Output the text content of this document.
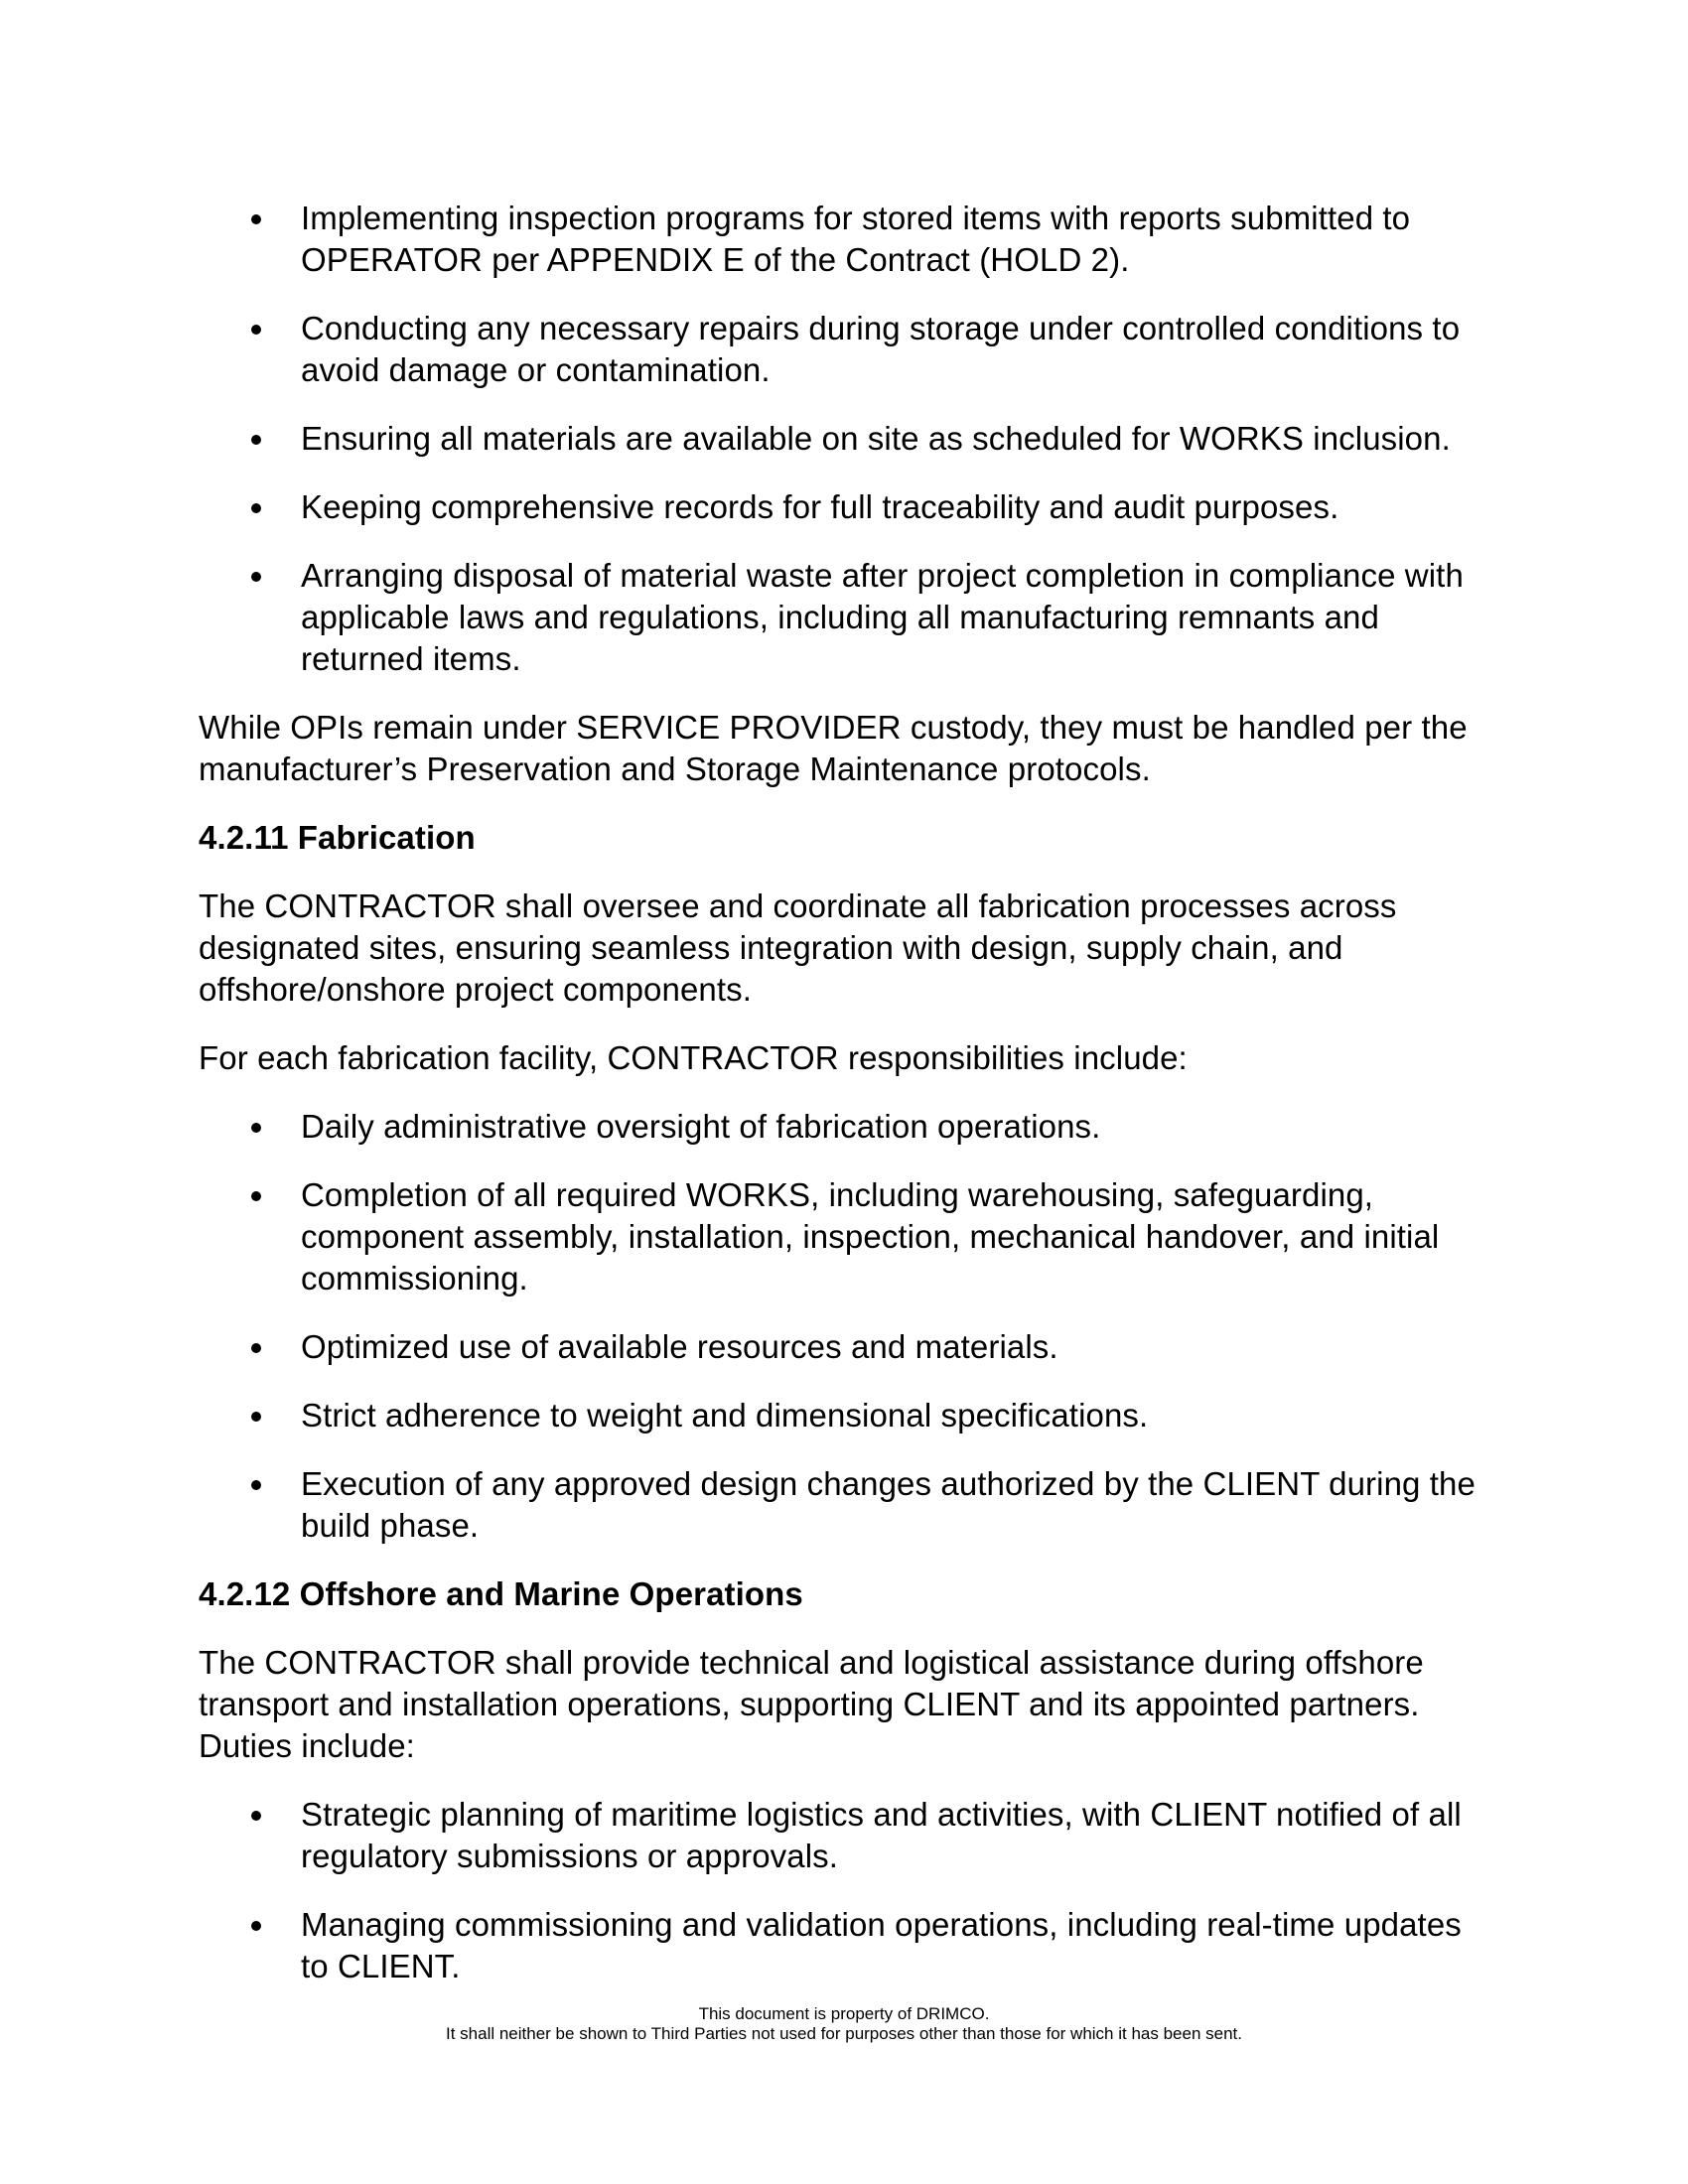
Implementing inspection programs for stored items with reports submitted to OPERATOR per APPENDIX E of the Contract (HOLD 2).
Conducting any necessary repairs during storage under controlled conditions to avoid damage or contamination.
Ensuring all materials are available on site as scheduled for WORKS inclusion.
Keeping comprehensive records for full traceability and audit purposes.
Arranging disposal of material waste after project completion in compliance with applicable laws and regulations, including all manufacturing remnants and returned items.

While OPIs remain under SERVICE PROVIDER custody, they must be handled per the manufacturer’s Preservation and Storage Maintenance protocols.

4.2.11 Fabrication

The CONTRACTOR shall oversee and coordinate all fabrication processes across designated sites, ensuring seamless integration with design, supply chain, and offshore/onshore project components.

For each fabrication facility, CONTRACTOR responsibilities include:

Daily administrative oversight of fabrication operations.
Completion of all required WORKS, including warehousing, safeguarding, component assembly, installation, inspection, mechanical handover, and initial commissioning.
Optimized use of available resources and materials.
Strict adherence to weight and dimensional specifications.
Execution of any approved design changes authorized by the CLIENT during the build phase.
4.2.12 Offshore and Marine Operations

The CONTRACTOR shall provide technical and logistical assistance during offshore transport and installation operations, supporting CLIENT and its appointed partners. Duties include:

Strategic planning of maritime logistics and activities, with CLIENT notified of all regulatory submissions or approvals.
Managing commissioning and validation operations, including real-time updates to CLIENT.
This document is property of DRIMCO.
It shall neither be shown to Third Parties not used for purposes other than those for which it has been sent.
